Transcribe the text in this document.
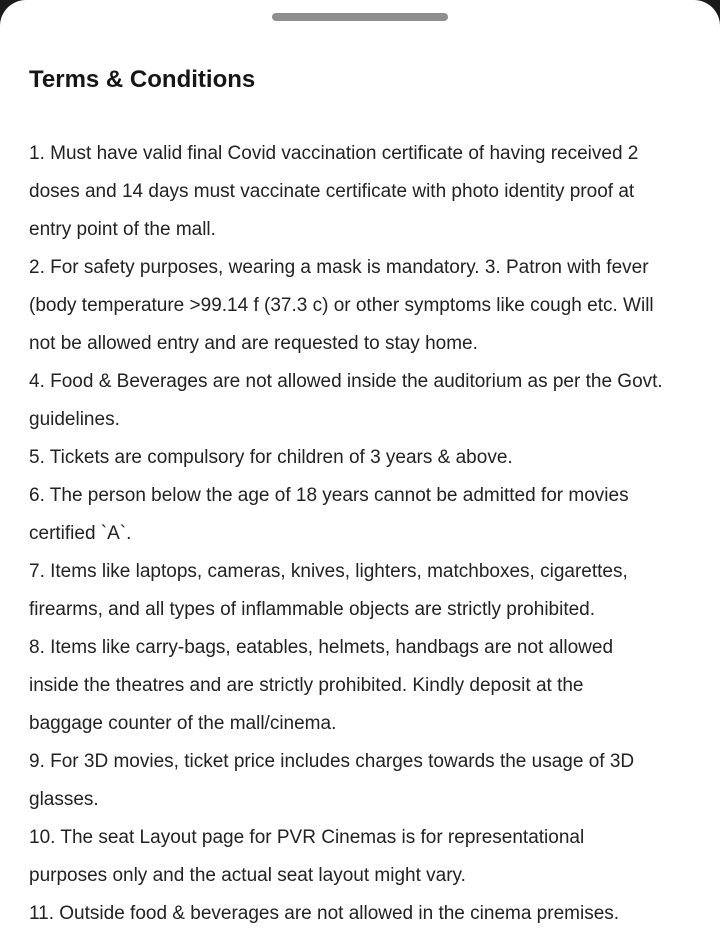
Terms & Conditions
1. Must have valid final Covid vaccination certificate of having received 2
doses and 14 days must vaccinate certificate with photo identity proof at
entry point of the mall.
2. For safety purposes, wearing a mask is mandatory. 3. Patron with fever
(body temperature >99.14 f (37.3 c) or other symptoms like cough etc. Will
not be allowed entry and are requested to stay home.
4. Food & Beverages are not allowed inside the auditorium as per the Govt.
guidelines.
5. Tickets are compulsory for children of 3 years & above.
6. The person below the age of 18 years cannot be admitted for movies
certified `A`.
7. Items like laptops, cameras, knives, lighters, matchboxes, cigarettes,
firearms, and all types of inflammable objects are strictly prohibited.
8. Items like carry-bags, eatables, helmets, handbags are not allowed
inside the theatres and are strictly prohibited. Kindly deposit at the
baggage counter of the mall/cinema.
9. For 3D movies, ticket price includes charges towards the usage of 3D
glasses.
10. The seat Layout page for PVR Cinemas is for representational
purposes only and the actual seat layout might vary.
11. Outside food & beverages are not allowed in the cinema premises.
